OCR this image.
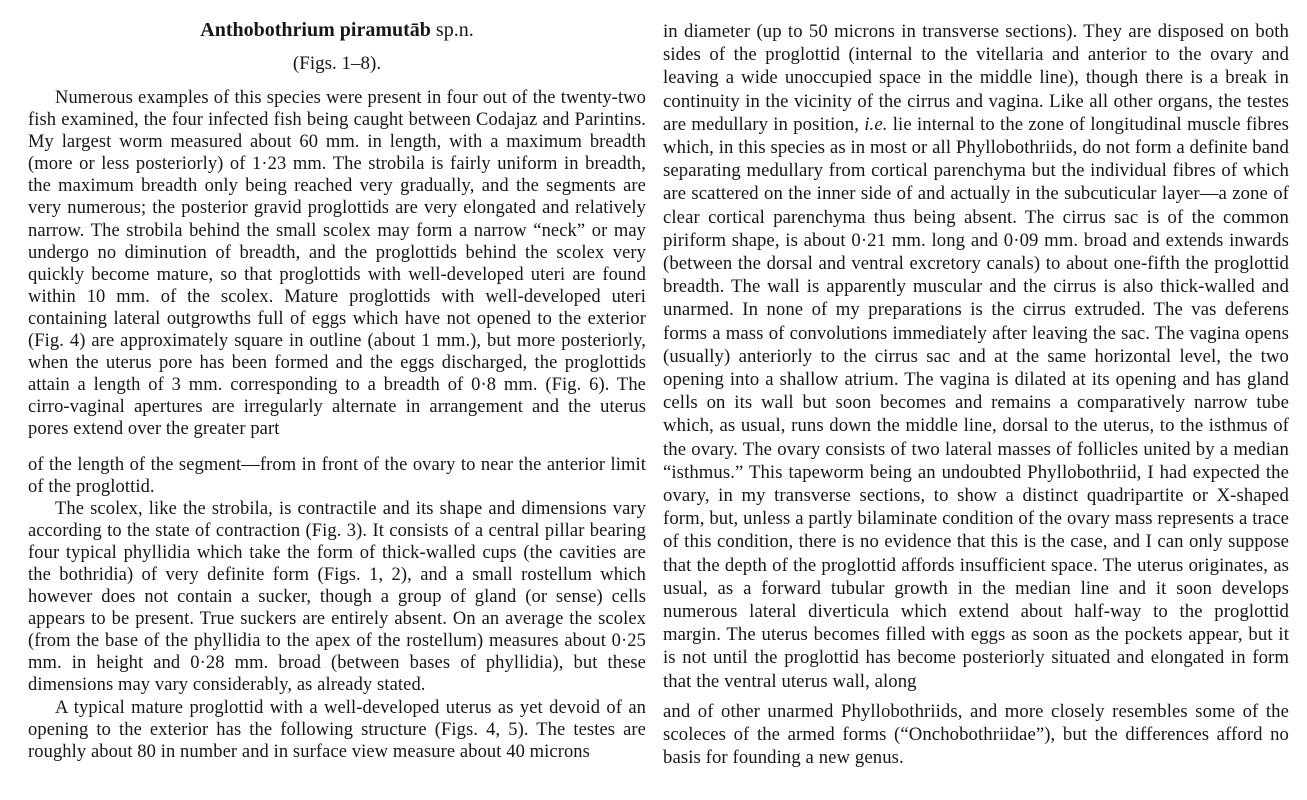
Anthobothrium piramutāb sp.n.
(Figs. 1–8).

Numerous examples of this species were present in four out of the twenty-two fish examined, the four infected fish being caught between Codajaz and Parintins. My largest worm measured about 60 mm. in length, with a maximum breadth (more or less posteriorly) of 1·23 mm. The strobila is fairly uniform in breadth, the maximum breadth only being reached very gradually, and the segments are very numerous; the posterior gravid proglottids are very elongated and relatively narrow. The strobila behind the small scolex may form a narrow “neck” or may undergo no diminution of breadth, and the proglottids behind the scolex very quickly become mature, so that proglottids with well-developed uteri are found within 10 mm. of the scolex. Mature proglottids with well-developed uteri containing lateral outgrowths full of eggs which have not opened to the exterior (Fig. 4) are approximately square in outline (about 1 mm.), but more posteriorly, when the uterus pore has been formed and the eggs discharged, the proglottids attain a length of 3 mm. corresponding to a breadth of 0·8 mm. (Fig. 6). The cirro-vaginal apertures are irregularly alternate in arrangement and the uterus pores extend over the greater part

of the length of the segment—from in front of the ovary to near the anterior limit of the proglottid.

The scolex, like the strobila, is contractile and its shape and dimensions vary according to the state of contraction (Fig. 3). It consists of a central pillar bearing four typical phyllidia which take the form of thick-walled cups (the cavities are the bothridia) of very definite form (Figs. 1, 2), and a small rostellum which however does not contain a sucker, though a group of gland (or sense) cells appears to be present. True suckers are entirely absent. On an average the scolex (from the base of the phyllidia to the apex of the rostellum) measures about 0·25 mm. in height and 0·28 mm. broad (between bases of phyllidia), but these dimensions may vary considerably, as already stated.

A typical mature proglottid with a well-developed uterus as yet devoid of an opening to the exterior has the following structure (Figs. 4, 5). The testes are roughly about 80 in number and in surface view measure about 40 microns

in diameter (up to 50 microns in transverse sections). They are disposed on both sides of the proglottid (internal to the vitellaria and anterior to the ovary and leaving a wide unoccupied space in the middle line), though there is a break in continuity in the vicinity of the cirrus and vagina. Like all other organs, the testes are medullary in position, i.e. lie internal to the zone of longitudinal muscle fibres which, in this species as in most or all Phyllobothriids, do not form a definite band separating medullary from cortical parenchyma but the individual fibres of which are scattered on the inner side of and actually in the subcuticular layer—a zone of clear cortical parenchyma thus being absent. The cirrus sac is of the common piriform shape, is about 0·21 mm. long and 0·09 mm. broad and extends inwards (between the dorsal and ventral excretory canals) to about one-fifth the proglottid breadth. The wall is apparently muscular and the cirrus is also thick-walled and unarmed. In none of my preparations is the cirrus extruded. The vas deferens forms a mass of convolutions immediately after leaving the sac. The vagina opens (usually) anteriorly to the cirrus sac and at the same horizontal level, the two opening into a shallow atrium. The vagina is dilated at its opening and has gland cells on its wall but soon becomes and remains a comparatively narrow tube which, as usual, runs down the middle line, dorsal to the uterus, to the isthmus of the ovary. The ovary consists of two lateral masses of follicles united by a median “isthmus.” This tapeworm being an undoubted Phyllobothriid, I had expected the ovary, in my transverse sections, to show a distinct quadripartite or X-shaped form, but, unless a partly bilaminate condition of the ovary mass represents a trace of this condition, there is no evidence that this is the case, and I can only suppose that the depth of the proglottid affords insufficient space. The uterus originates, as usual, as a forward tubular growth in the median line and it soon develops numerous lateral diverticula which extend about half-way to the proglottid margin. The uterus becomes filled with eggs as soon as the pockets appear, but it is not until the proglottid has become posteriorly situated and elongated in form that the ventral uterus wall, along

and of other unarmed Phyllobothriids, and more closely resembles some of the scoleces of the armed forms (“Onchobothriidae”), but the differences afford no basis for founding a new genus.
